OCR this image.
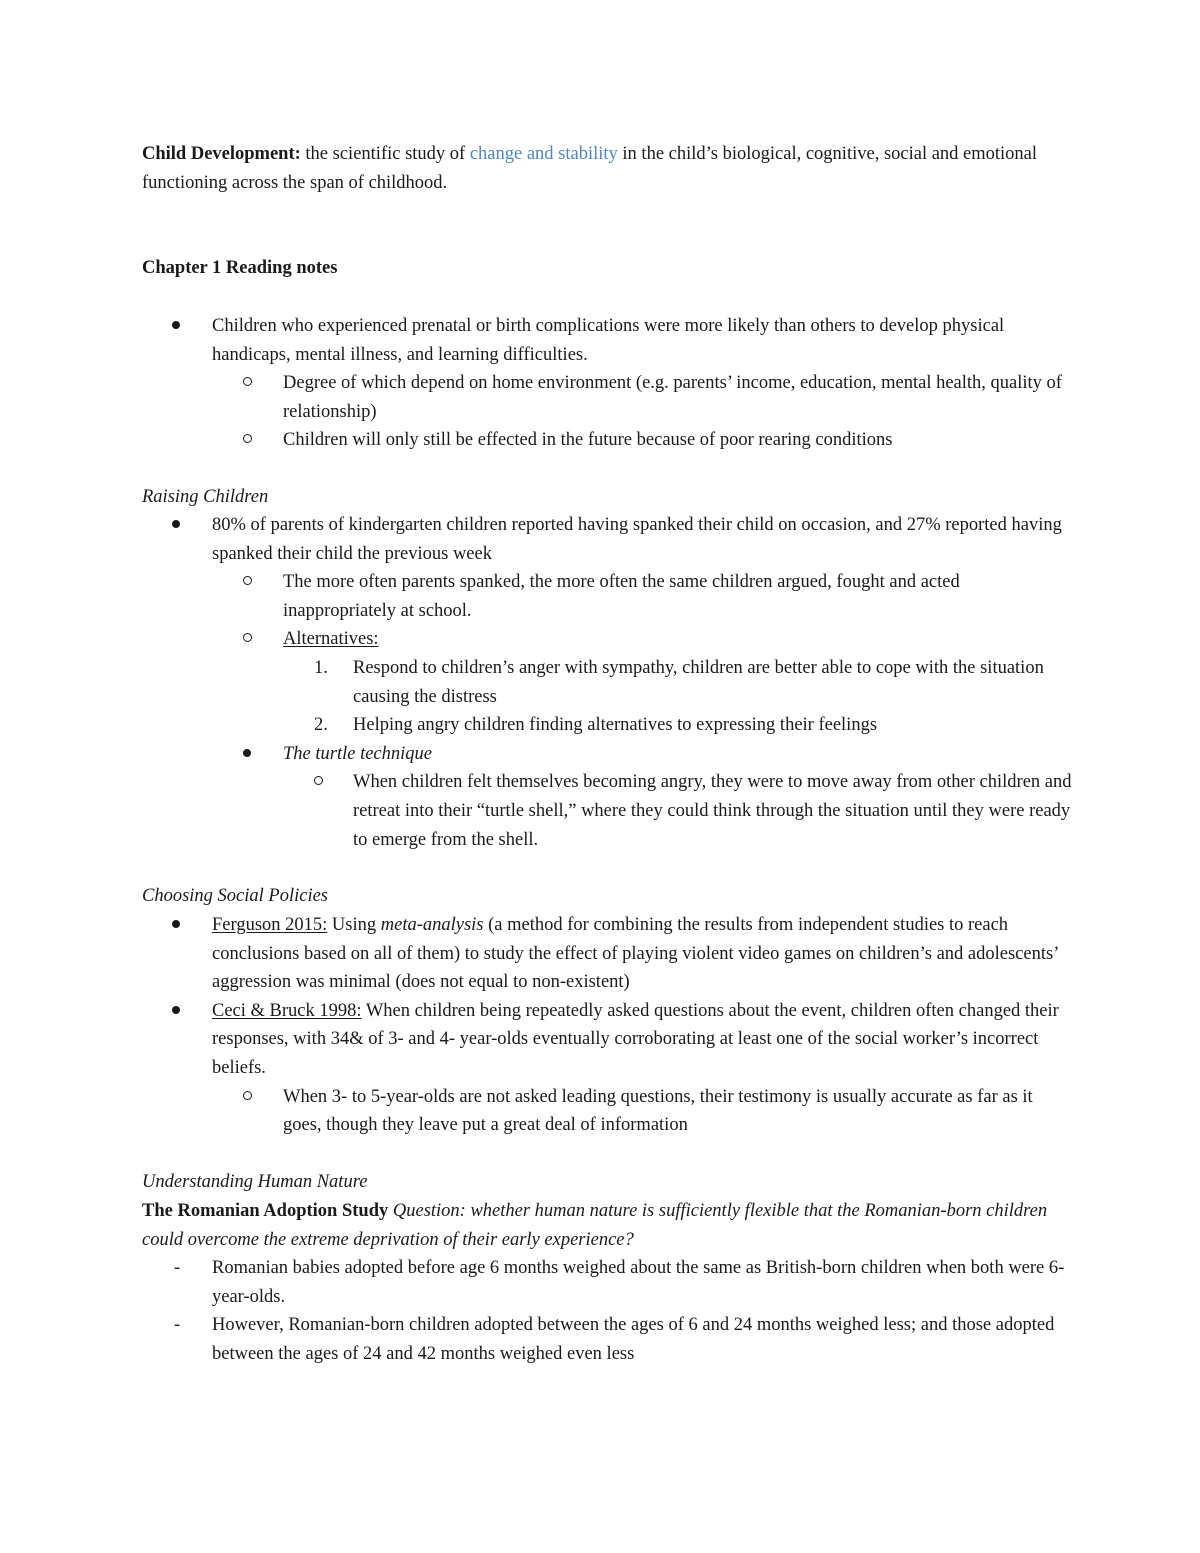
Child Development: the scientific study of change and stability in the child’s biological, cognitive, social and emotional functioning across the span of childhood.

Chapter 1 Reading notes

Children who experienced prenatal or birth complications were more likely than others to develop physical handicaps, mental illness, and learning difficulties.
Degree of which depend on home environment (e.g. parents’ income, education, mental health, quality of relationship)
Children will only still be effected in the future because of poor rearing conditions

Raising Children

80% of parents of kindergarten children reported having spanked their child on occasion, and 27% reported having spanked their child the previous week
The more often parents spanked, the more often the same children argued, fought and acted inappropriately at school.
Alternatives:
1. Respond to children’s anger with sympathy, children are better able to cope with the situation causing the distress
2. Helping angry children finding alternatives to expressing their feelings
The turtle technique
When children felt themselves becoming angry, they were to move away from other children and retreat into their “turtle shell,” where they could think through the situation until they were ready to emerge from the shell.

Choosing Social Policies

Ferguson 2015: Using meta-analysis (a method for combining the results from independent studies to reach conclusions based on all of them) to study the effect of playing violent video games on children’s and adolescents’ aggression was minimal (does not equal to non-existent)
Ceci & Bruck 1998: When children being repeatedly asked questions about the event, children often changed their responses, with 34& of 3- and 4- year-olds eventually corroborating at least one of the social worker’s incorrect beliefs.
When 3- to 5-year-olds are not asked leading questions, their testimony is usually accurate as far as it goes, though they leave put a great deal of information

Understanding Human Nature

The Romanian Adoption Study Question: whether human nature is sufficiently flexible that the Romanian-born children could overcome the extreme deprivation of their early experience?

- Romanian babies adopted before age 6 months weighed about the same as British-born children when both were 6-year-olds.
- However, Romanian-born children adopted between the ages of 6 and 24 months weighed less; and those adopted between the ages of 24 and 42 months weighed even less
